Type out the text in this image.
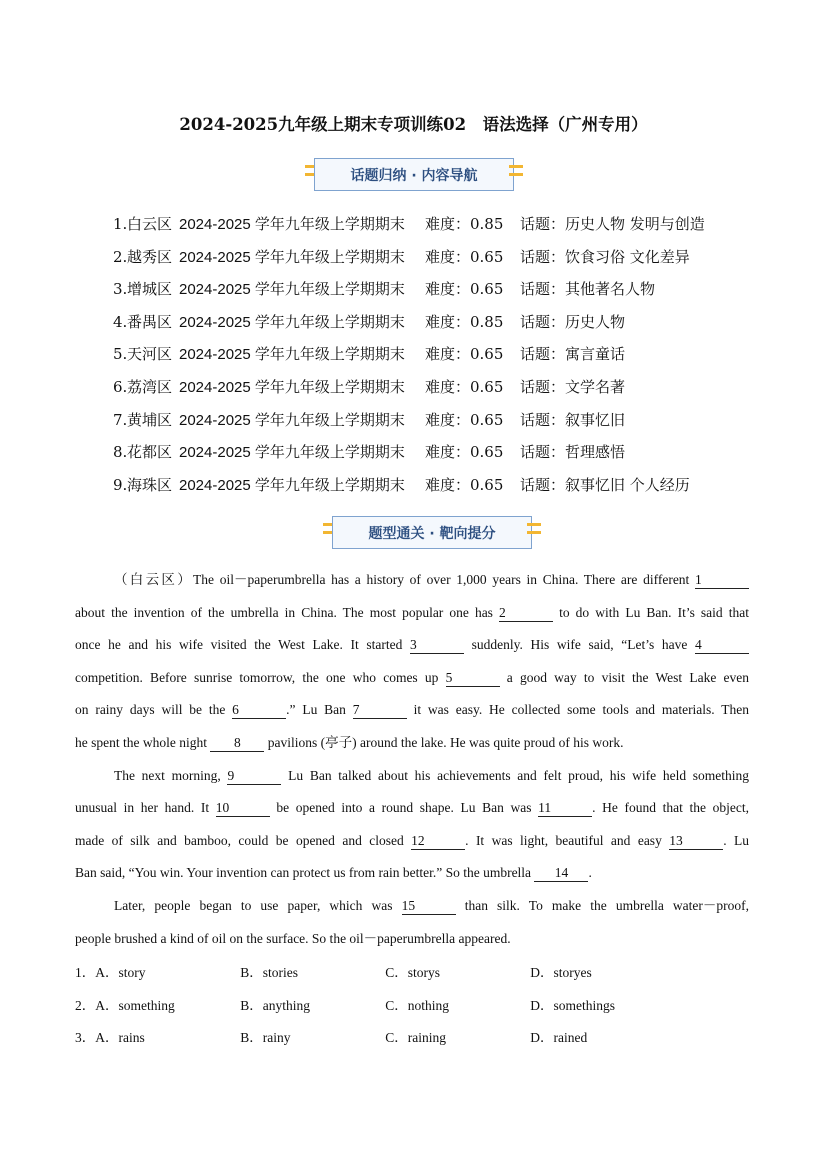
2024-2025九年级上期末专项训练02　语法选择（广州专用）
话题归纳 · 内容导航
1.白云区 2024-2025 学年九年级上学期期末 难度：0.85 话题：历史人物 发明与创造
2.越秀区 2024-2025 学年九年级上学期期末 难度：0.65 话题：饮食习俗 文化差异
3.增城区 2024-2025 学年九年级上学期期末 难度：0.65 话题：其他著名人物
4.番禺区 2024-2025 学年九年级上学期期末 难度：0.85 话题：历史人物
5.天河区 2024-2025 学年九年级上学期期末 难度：0.65 话题：寓言童话
6.荔湾区 2024-2025 学年九年级上学期期末 难度：0.65 话题：文学名著
7.黄埔区 2024-2025 学年九年级上学期期末 难度：0.65 话题：叙事忆旧
8.花都区 2024-2025 学年九年级上学期期末 难度：0.65 话题：哲理感悟
9.海珠区 2024-2025 学年九年级上学期期末 难度：0.65 话题：叙事忆旧 个人经历
题型通关 · 靶向提分
（白云区）The oil－paperumbrella has a history of over 1,000 years in China. There are different 1
about the invention of the umbrella in China. The most popular one has 2	to do with Lu Ban. It’s said that
once he and his wife visited the West Lake. It started 3	suddenly. His wife said, “Let’s have 4
competition. Before sunrise tomorrow, the one who comes up 5	a good way to visit the West Lake even
on rainy days will be the 6	.” Lu Ban 7	it was easy. He collected some tools and materials. Then
he spent the whole night 8 pavilions (亭子) around the lake. He was quite proud of his work.
The next morning, 9	Lu Ban talked about his achievements and felt proud, his wife held something
unusual in her hand. It 10	be opened into a round shape. Lu Ban was 11	. He found that the object,
made of silk and bamboo, could be opened and closed 12	. It was light, beautiful and easy 13	. Lu
Ban said, “You win. Your invention can protect us from rain better.” So the umbrella 14 .
Later, people began to use paper, which was 15	than silk. To make the umbrella water－proof,
people brushed a kind of oil on the surface. So the oil－paperumbrella appeared.
1．A．story	B．stories	C．storys	D．storyes
2．A．something	B．anything	C．nothing	D．somethings
3．A．rains	B．rainy	C．raining	D．rained
